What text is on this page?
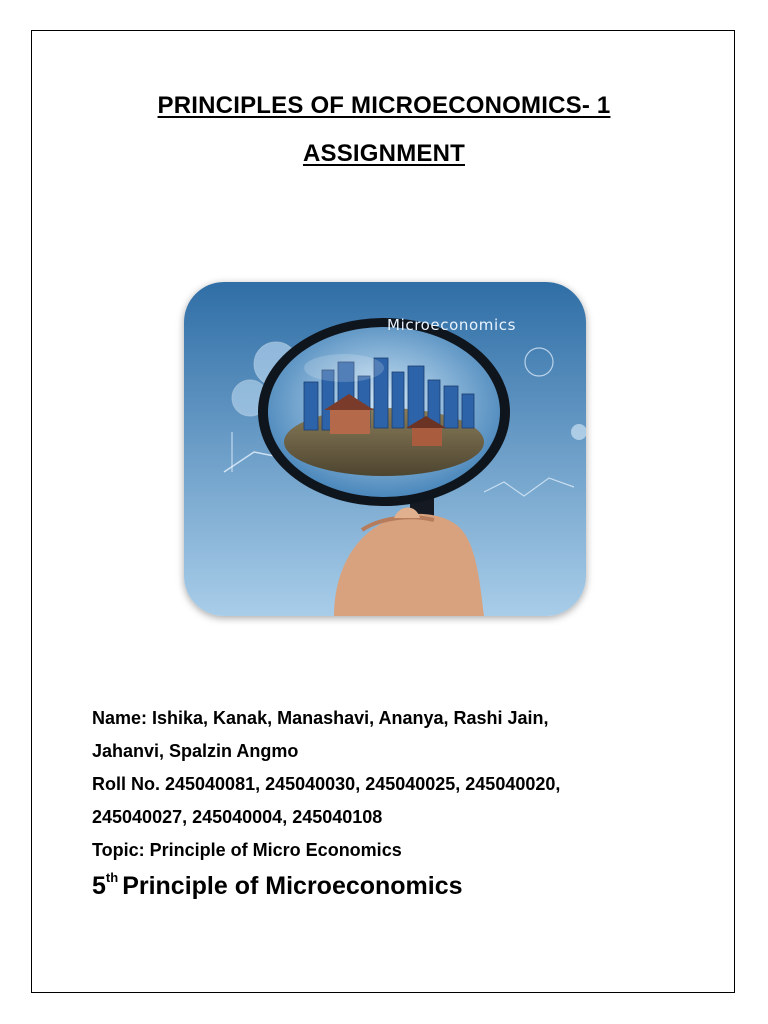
PRINCIPLES OF MICROECONOMICS- 1
ASSIGNMENT
Microeconomics
Name: Ishika, Kanak, Manashavi, Ananya, Rashi Jain,
Jahanvi, Spalzin Angmo
Roll No. 245040081, 245040030, 245040025, 245040020,
245040027, 245040004, 245040108
Topic: Principle of Micro Economics
5th Principle of Microeconomics
